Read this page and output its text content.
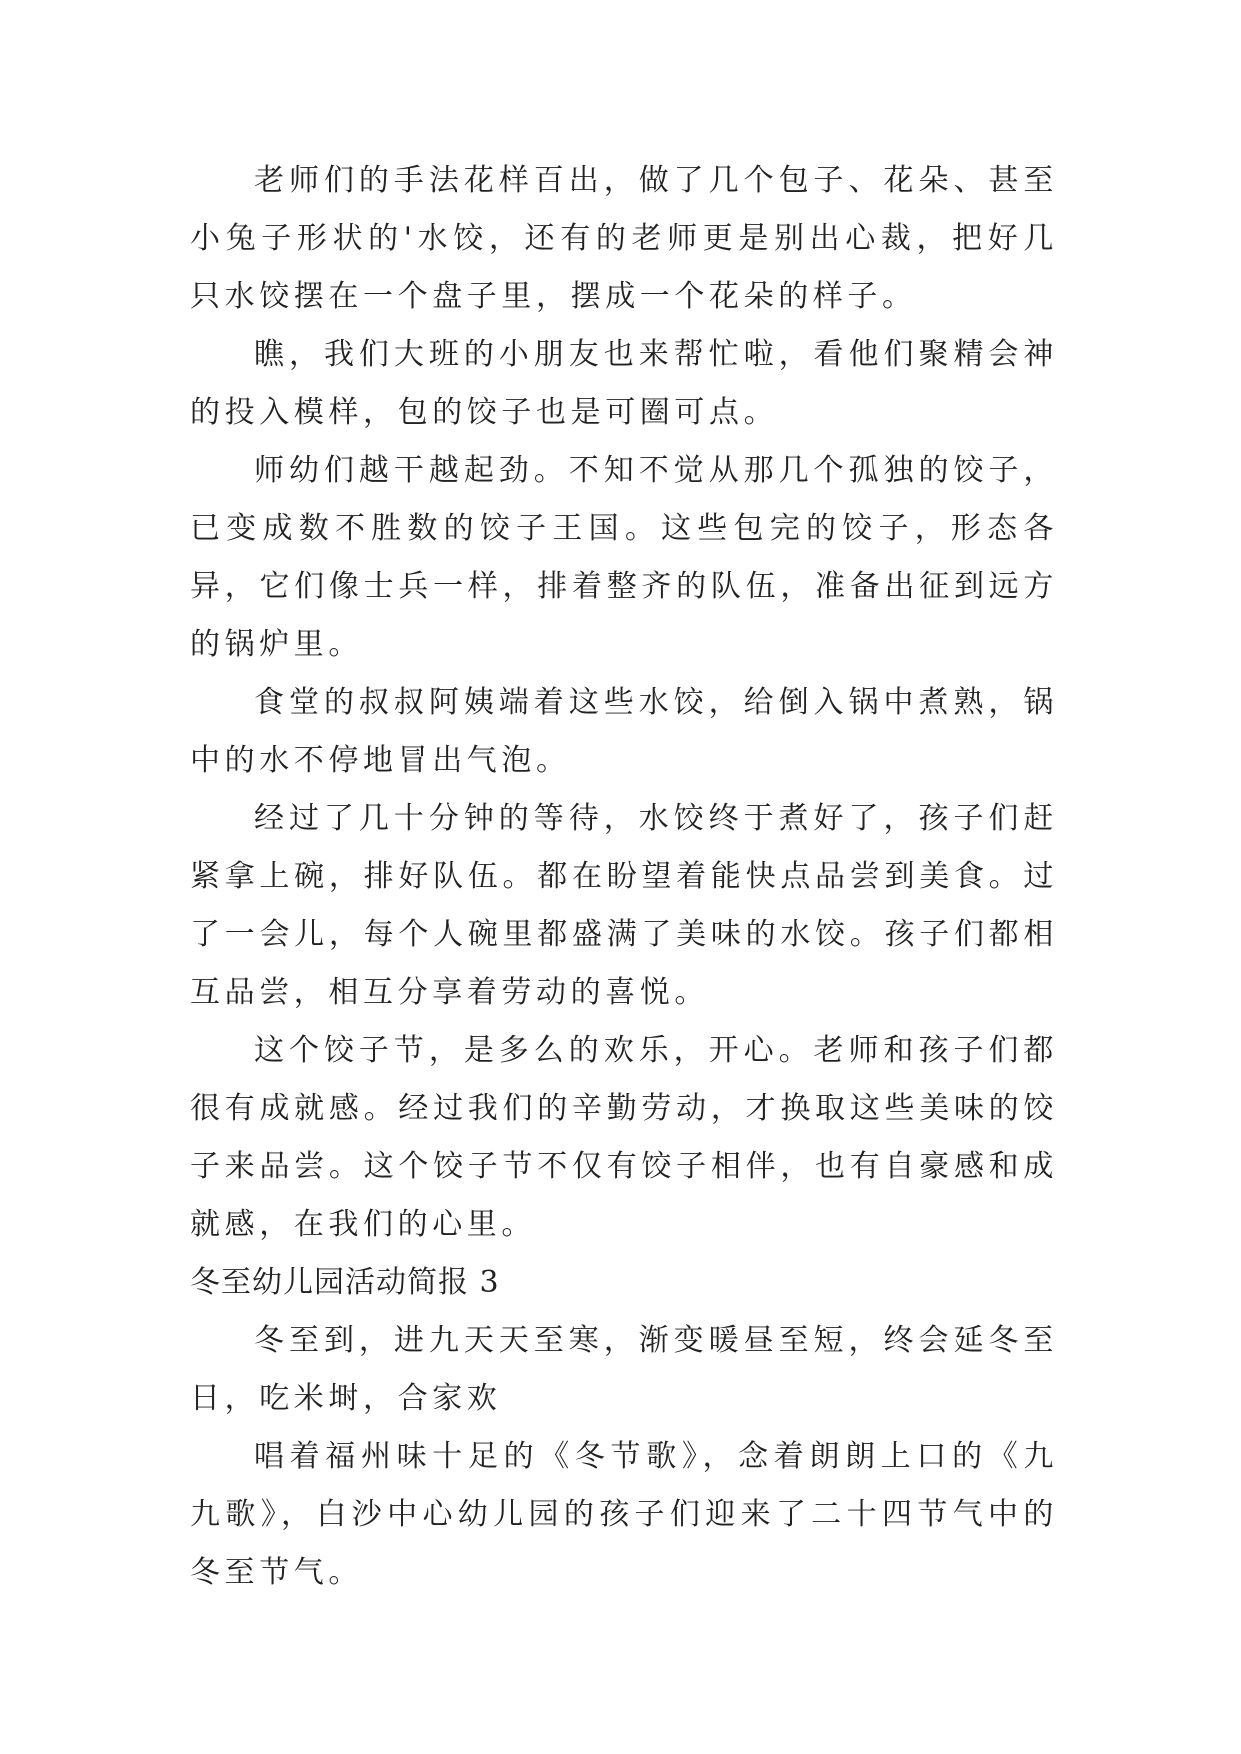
老师们的手法花样百出，做了几个包子、花朵、甚至小兔子形状的'水饺，还有的老师更是别出心裁，把好几只水饺摆在一个盘子里，摆成一个花朵的样子。

瞧，我们大班的小朋友也来帮忙啦，看他们聚精会神的投入模样，包的饺子也是可圈可点。

师幼们越干越起劲。不知不觉从那几个孤独的饺子，已变成数不胜数的饺子王国。这些包完的饺子，形态各异，它们像士兵一样，排着整齐的队伍，准备出征到远方的锅炉里。

食堂的叔叔阿姨端着这些水饺，给倒入锅中煮熟，锅中的水不停地冒出气泡。

经过了几十分钟的等待，水饺终于煮好了，孩子们赶紧拿上碗，排好队伍。都在盼望着能快点品尝到美食。过了一会儿，每个人碗里都盛满了美味的水饺。孩子们都相互品尝，相互分享着劳动的喜悦。

这个饺子节，是多么的欢乐，开心。老师和孩子们都很有成就感。经过我们的辛勤劳动，才换取这些美味的饺子来品尝。这个饺子节不仅有饺子相伴，也有自豪感和成就感，在我们的心里。

冬至幼儿园活动简报 3

冬至到，进九天天至寒，渐变暖昼至短，终会延冬至日，吃米埘，合家欢

唱着福州味十足的《冬节歌》，念着朗朗上口的《九九歌》，白沙中心幼儿园的孩子们迎来了二十四节气中的冬至节气。
